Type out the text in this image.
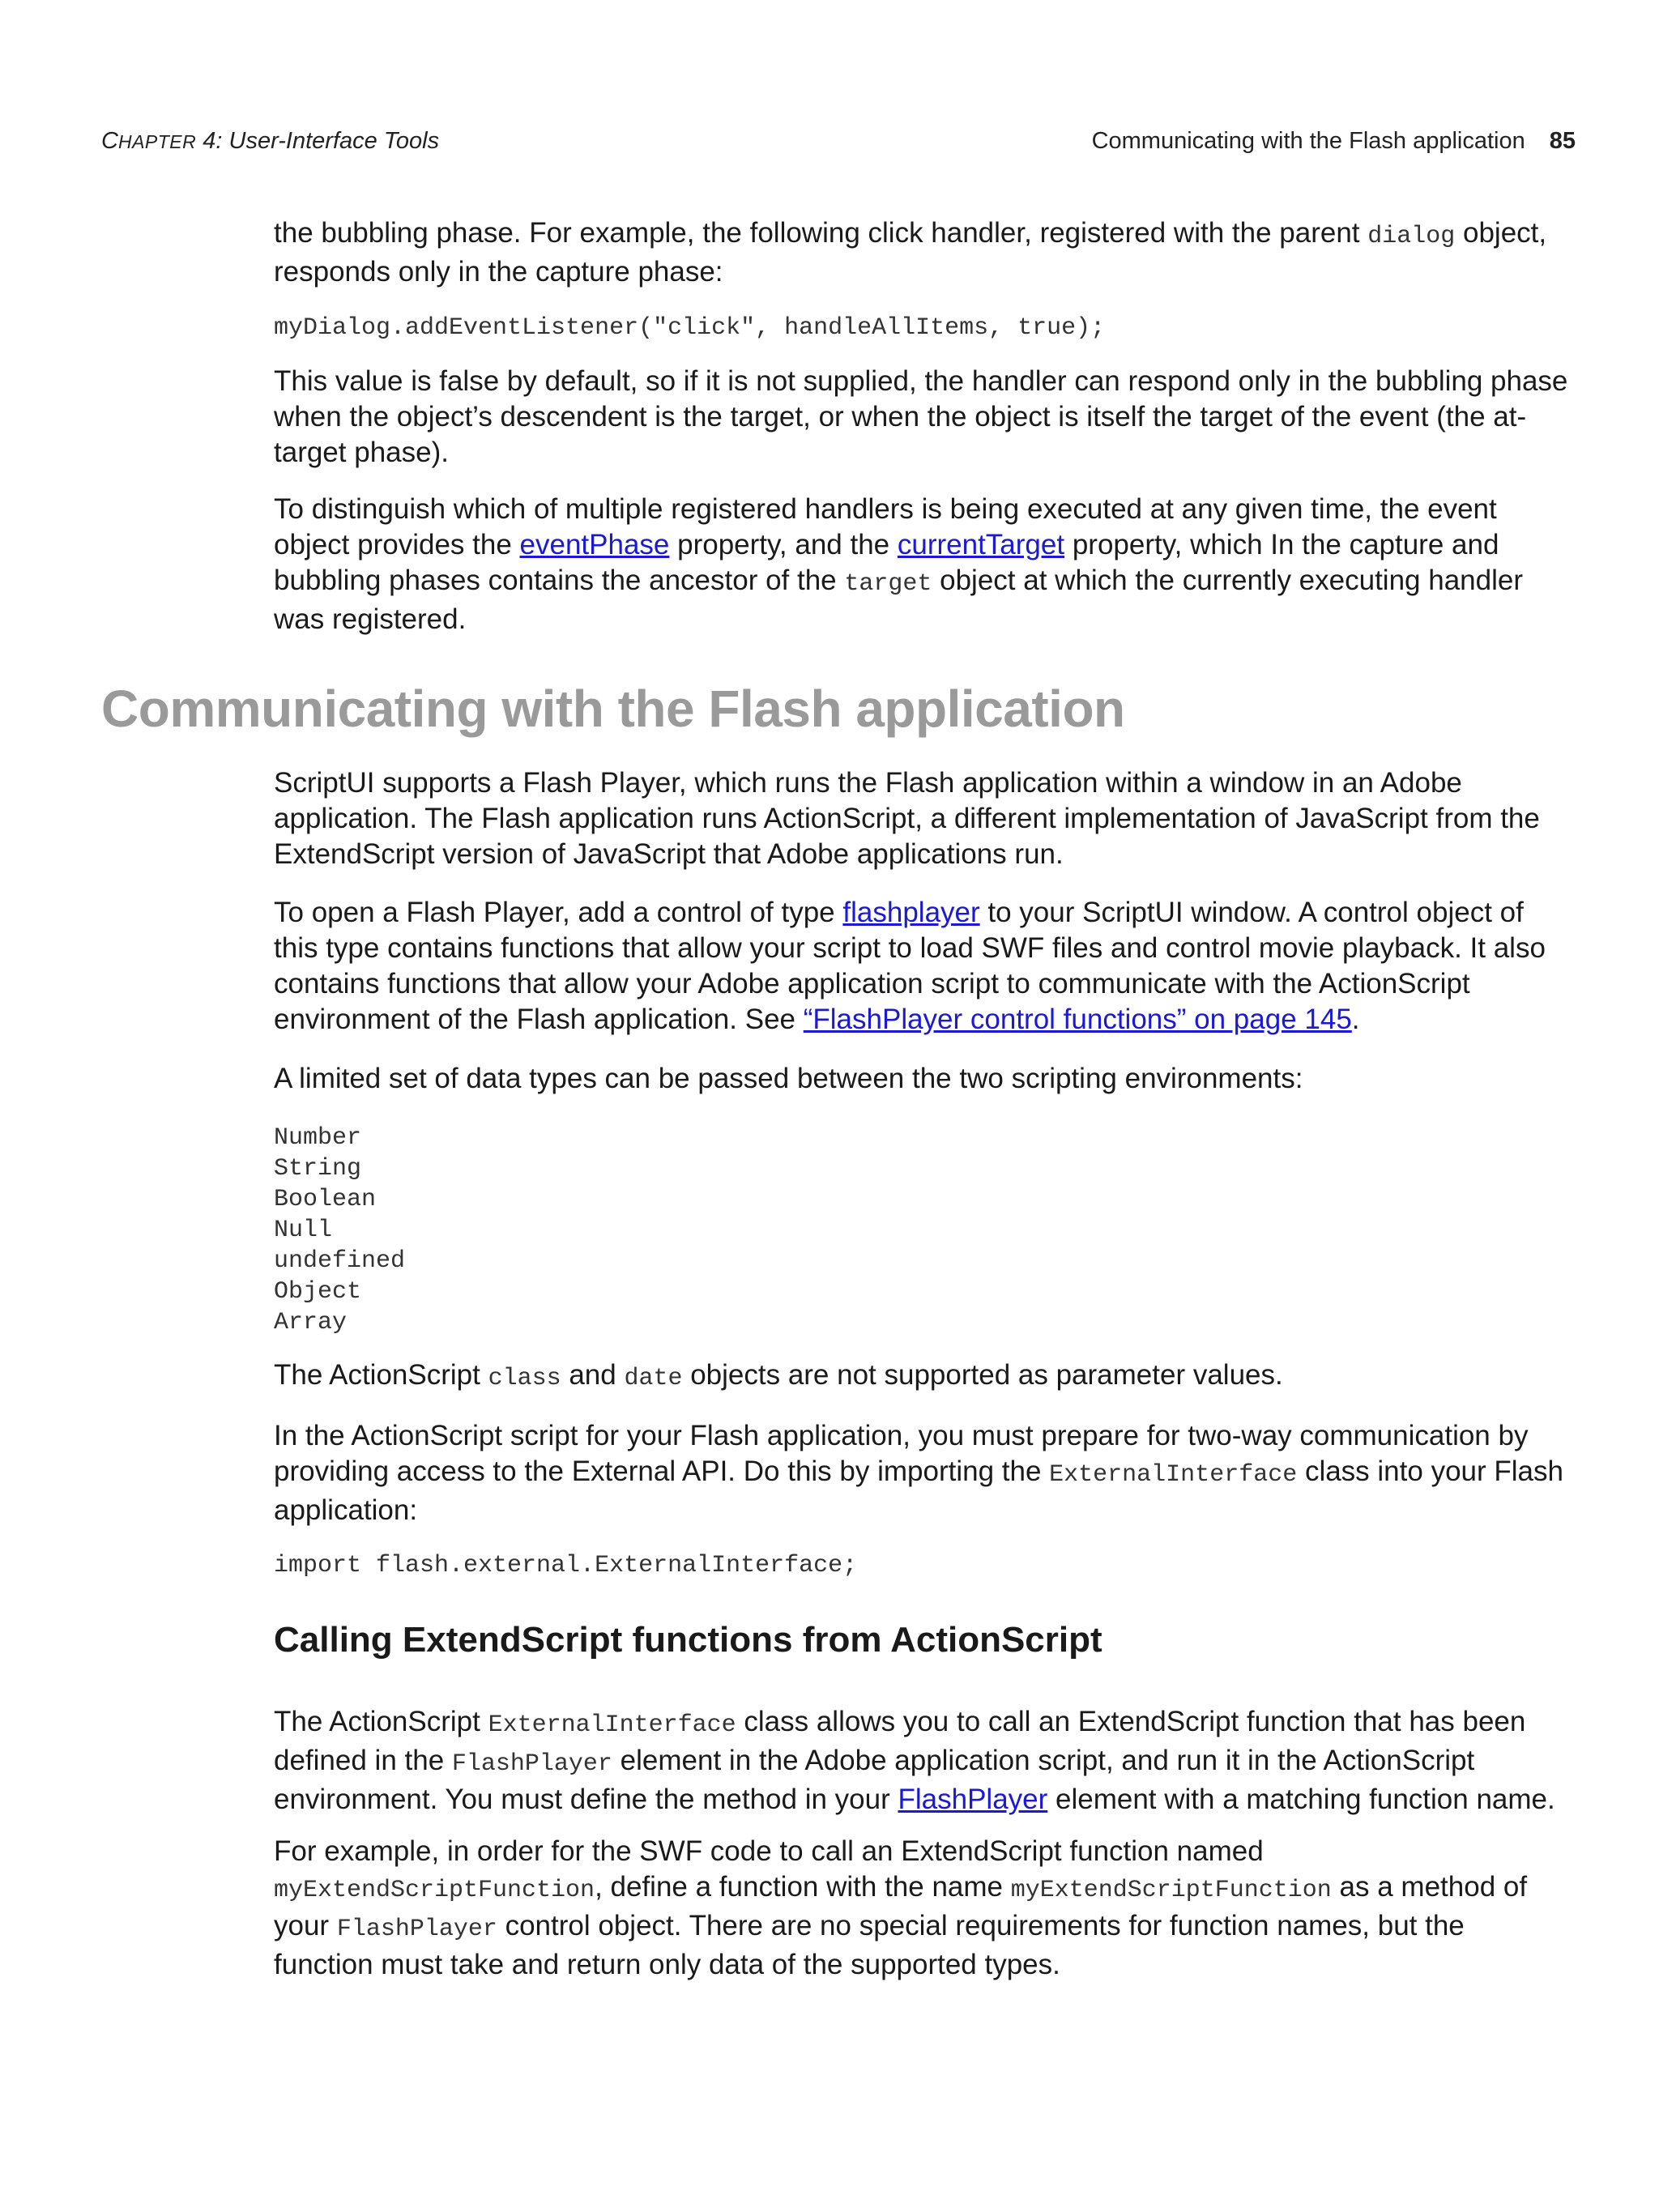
CHAPTER 4: User-Interface Tools	Communicating with the Flash application 85

the bubbling phase. For example, the following click handler, registered with the parent dialog object, responds only in the capture phase:

myDialog.addEventListener("click", handleAllItems, true);

This value is false by default, so if it is not supplied, the handler can respond only in the bubbling phase when the object’s descendent is the target, or when the object is itself the target of the event (the at-target phase).

To distinguish which of multiple registered handlers is being executed at any given time, the event object provides the eventPhase property, and the currentTarget property, which In the capture and bubbling phases contains the ancestor of the target object at which the currently executing handler was registered.

Communicating with the Flash application

ScriptUI supports a Flash Player, which runs the Flash application within a window in an Adobe application. The Flash application runs ActionScript, a different implementation of JavaScript from the ExtendScript version of JavaScript that Adobe applications run.

To open a Flash Player, add a control of type flashplayer to your ScriptUI window. A control object of this type contains functions that allow your script to load SWF files and control movie playback. It also contains functions that allow your Adobe application script to communicate with the ActionScript environment of the Flash application. See “FlashPlayer control functions” on page 145.

A limited set of data types can be passed between the two scripting environments:

Number
String
Boolean
Null
undefined
Object
Array

The ActionScript class and date objects are not supported as parameter values.

In the ActionScript script for your Flash application, you must prepare for two-way communication by providing access to the External API. Do this by importing the ExternalInterface class into your Flash application:

import flash.external.ExternalInterface;
Calling ExtendScript functions from ActionScript

The ActionScript ExternalInterface class allows you to call an ExtendScript function that has been defined in the FlashPlayer element in the Adobe application script, and run it in the ActionScript environment. You must define the method in your FlashPlayer element with a matching function name.

For example, in order for the SWF code to call an ExtendScript function named myExtendScriptFunction, define a function with the name myExtendScriptFunction as a method of your FlashPlayer control object. There are no special requirements for function names, but the function must take and return only data of the supported types.
